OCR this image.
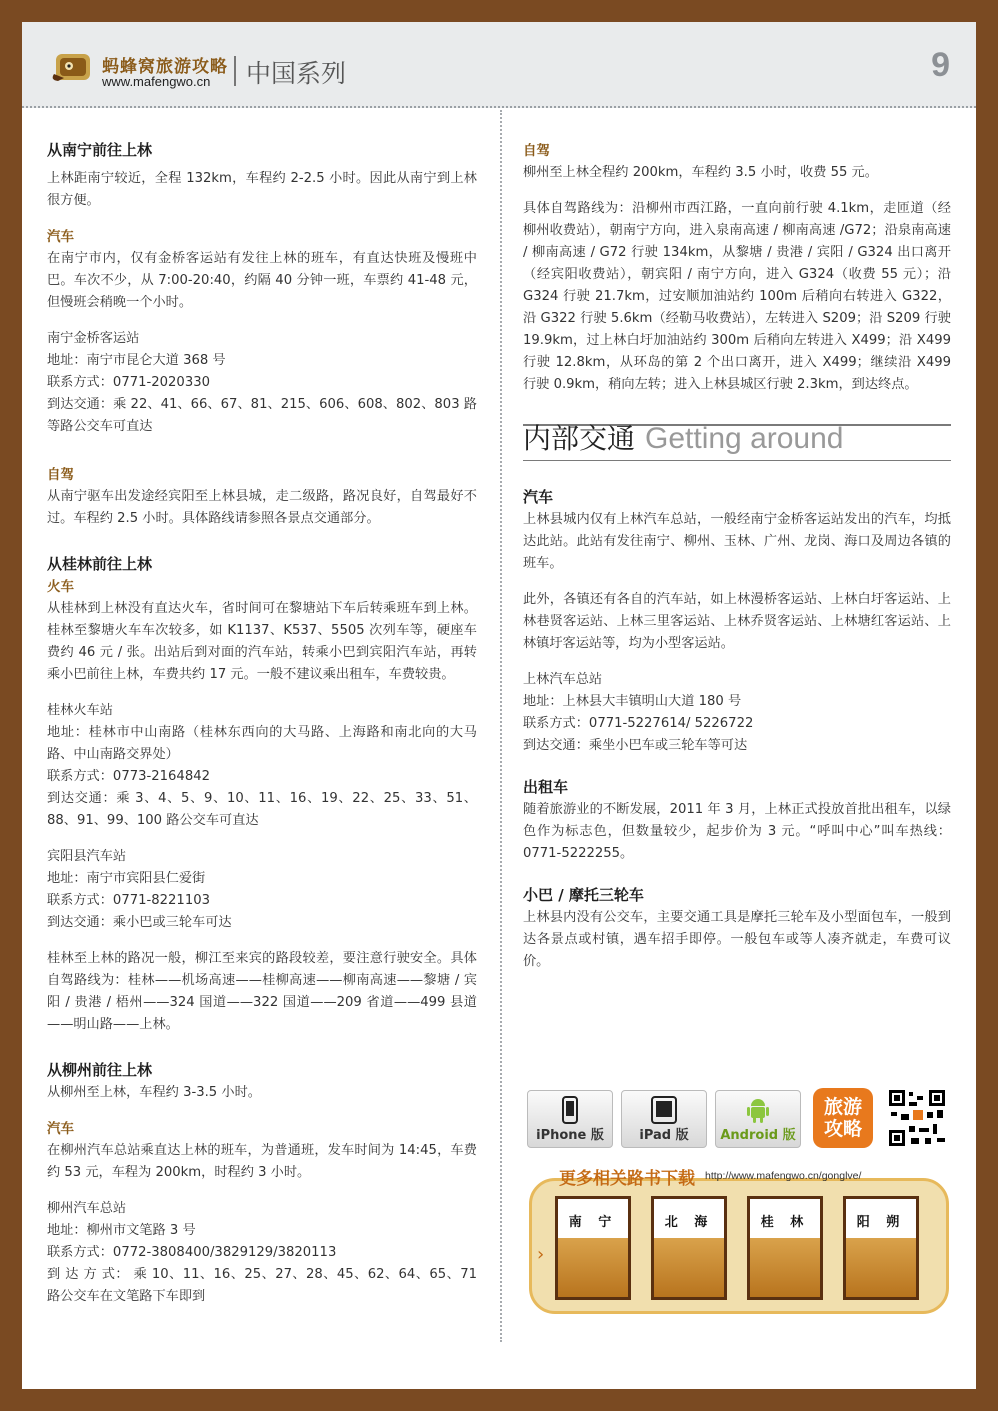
蚂蜂窝旅游攻略
www.mafengwo.cn 中国系列	9

从南宁前往上林

上林距南宁较近，全程 132km，车程约 2-2.5 小时。因此从南宁到上林很方便。

汽车

在南宁市内，仅有金桥客运站有发往上林的班车，有直达快班及慢班中巴。车次不少，从 7:00-20:40，约隔 40 分钟一班，车票约 41-48 元，但慢班会稍晚一个小时。

南宁金桥客运站

地址：南宁市昆仑大道 368 号

联系方式：0771-2020330

到达交通：乘 22、41、66、67、81、215、606、608、802、803 路等路公交车可直达

自驾

从南宁驱车出发途经宾阳至上林县城，走二级路，路况良好，自驾最好不过。车程约 2.5 小时。具体路线请参照各景点交通部分。

从桂林前往上林

火车

从桂林到上林没有直达火车，省时间可在黎塘站下车后转乘班车到上林。桂林至黎塘火车车次较多，如 K1137、K537、5505 次列车等，硬座车费约 46 元 / 张。出站后到对面的汽车站，转乘小巴到宾阳汽车站，再转乘小巴前往上林，车费共约 17 元。一般不建议乘出租车，车费较贵。

桂林火车站

地址：桂林市中山南路（桂林东西向的大马路、上海路和南北向的大马路、中山南路交界处）

联系方式：0773-2164842

到达交通：乘 3、4、5、9、10、11、16、19、22、25、33、51、88、91、99、100 路公交车可直达

宾阳县汽车站

地址：南宁市宾阳县仁爱街

联系方式：0771-8221103

到达交通：乘小巴或三轮车可达

桂林至上林的路况一般，柳江至来宾的路段较差，要注意行驶安全。具体自驾路线为：桂林——机场高速——桂柳高速——柳南高速——黎塘 / 宾阳 / 贵港 / 梧州——324 国道——322 国道——209 省道——499 县道——明山路——上林。

从柳州前往上林

从柳州至上林，车程约 3-3.5 小时。

汽车

在柳州汽车总站乘直达上林的班车，为普通班，发车时间为 14:45，车费约 53 元，车程为 200km，时程约 3 小时。

柳州汽车总站

地址：柳州市文笔路 3 号

联系方式：0772-3808400/3829129/3820113

到 达 方 式： 乘 10、11、16、25、27、28、45、62、64、65、71 路公交车在文笔路下车即到

自驾

柳州至上林全程约 200km，车程约 3.5 小时，收费 55 元。

具体自驾路线为：沿柳州市西江路，一直向前行驶 4.1km，走匝道（经柳州收费站），朝南宁方向，进入泉南高速 / 柳南高速 /G72；沿泉南高速 / 柳南高速 / G72 行驶 134km，从黎塘 / 贵港 / 宾阳 / G324 出口离开（经宾阳收费站），朝宾阳 / 南宁方向，进入 G324（收费 55 元）；沿 G324 行驶 21.7km，过安顺加油站约 100m 后稍向右转进入 G322，沿 G322 行驶 5.6km（经勒马收费站），左转进入 S209；沿 S209 行驶 19.9km，过上林白圩加油站约 300m 后稍向左转进入 X499；沿 X499 行驶 12.8km，从环岛的第 2 个出口离开，进入 X499；继续沿 X499 行驶 0.9km，稍向左转；进入上林县城区行驶 2.3km，到达终点。

内部交通 Getting around

汽车

上林县城内仅有上林汽车总站，一般经南宁金桥客运站发出的汽车，均抵达此站。此站有发往南宁、柳州、玉林、广州、龙岗、海口及周边各镇的班车。

此外，各镇还有各自的汽车站，如上林漫桥客运站、上林白圩客运站、上林巷贤客运站、上林三里客运站、上林乔贤客运站、上林塘红客运站、上林镇圩客运站等，均为小型客运站。

上林汽车总站

地址：上林县大丰镇明山大道 180 号

联系方式：0771-5227614/ 5226722

到达交通：乘坐小巴车或三轮车等可达

出租车

随着旅游业的不断发展，2011 年 3 月，上林正式投放首批出租车，以绿色作为标志色，但数量较少，起步价为 3 元。“呼叫中心”叫车热线：0771-5222255。

小巴 / 摩托三轮车

上林县内没有公交车，主要交通工具是摩托三轮车及小型面包车，一般到达各景点或村镇，遇车招手即停。一般包车或等人凑齐就走，车费可议价。

iPhone 版	iPad 版	Android 版
旅游攻略
更多相关路书下载 http://www.mafengwo.cn/gonglve/
›
南 宁	北 海	桂 林	阳 朔
